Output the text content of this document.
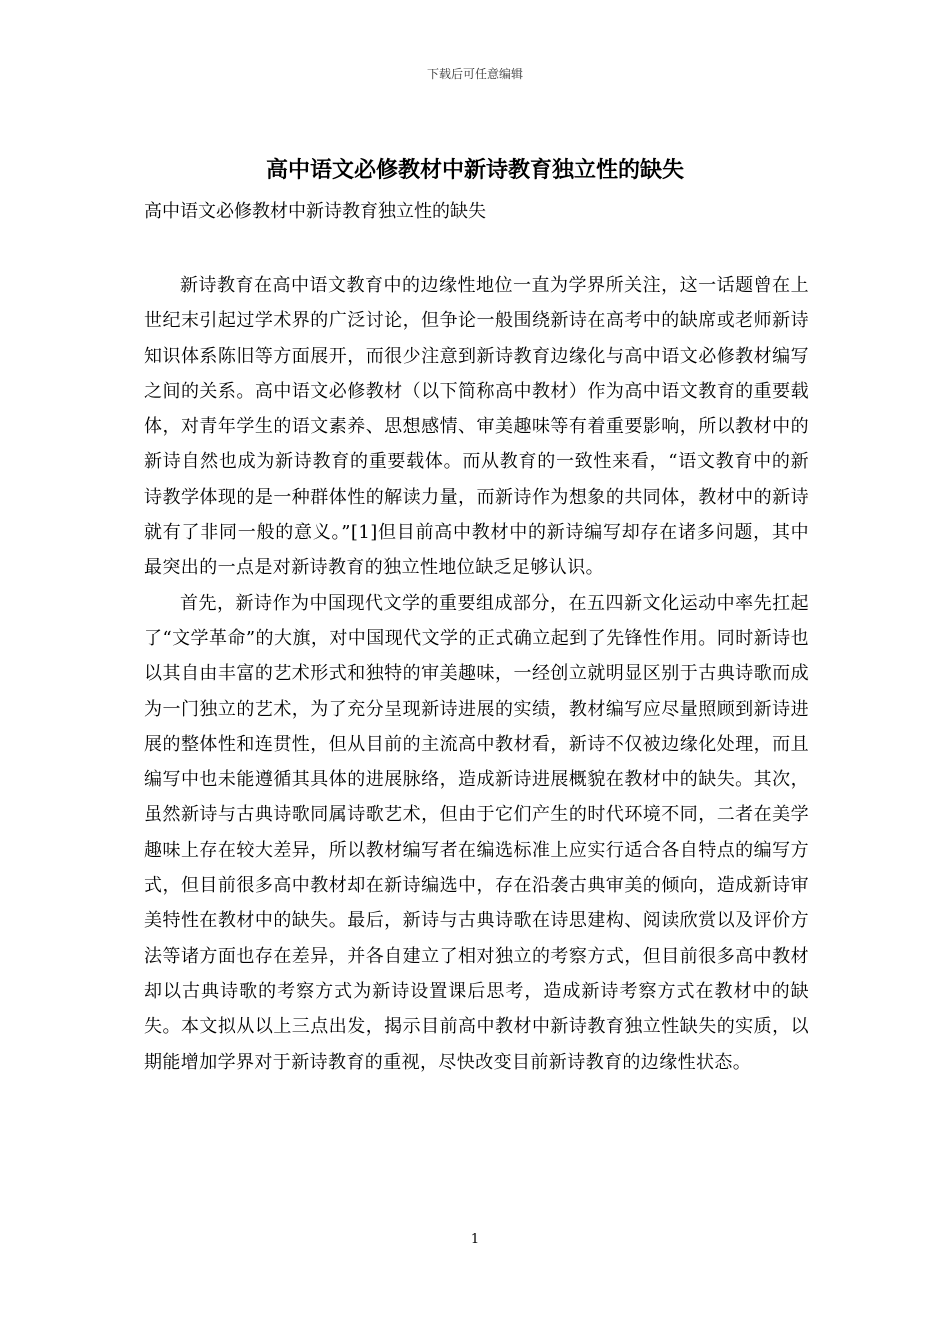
下载后可任意编辑
高中语文必修教材中新诗教育独立性的缺失

高中语文必修教材中新诗教育独立性的缺失

新诗教育在高中语文教育中的边缘性地位一直为学界所关注，这一话题曾在上世纪末引起过学术界的广泛讨论，但争论一般围绕新诗在高考中的缺席或老师新诗知识体系陈旧等方面展开，而很少注意到新诗教育边缘化与高中语文必修教材编写之间的关系。高中语文必修教材（以下简称高中教材）作为高中语文教育的重要载体，对青年学生的语文素养、思想感情、审美趣味等有着重要影响，所以教材中的新诗自然也成为新诗教育的重要载体。而从教育的一致性来看，“语文教育中的新诗教学体现的是一种群体性的解读力量，而新诗作为想象的共同体，教材中的新诗就有了非同一般的意义。”[1]但目前高中教材中的新诗编写却存在诸多问题，其中最突出的一点是对新诗教育的独立性地位缺乏足够认识。

首先，新诗作为中国现代文学的重要组成部分，在五四新文化运动中率先扛起了“文学革命”的大旗，对中国现代文学的正式确立起到了先锋性作用。同时新诗也以其自由丰富的艺术形式和独特的审美趣味，一经创立就明显区别于古典诗歌而成为一门独立的艺术，为了充分呈现新诗进展的实绩，教材编写应尽量照顾到新诗进展的整体性和连贯性，但从目前的主流高中教材看，新诗不仅被边缘化处理，而且编写中也未能遵循其具体的进展脉络，造成新诗进展概貌在教材中的缺失。其次，虽然新诗与古典诗歌同属诗歌艺术，但由于它们产生的时代环境不同，二者在美学趣味上存在较大差异，所以教材编写者在编选标准上应实行适合各自特点的编写方式，但目前很多高中教材却在新诗编选中，存在沿袭古典审美的倾向，造成新诗审美特性在教材中的缺失。最后，新诗与古典诗歌在诗思建构、阅读欣赏以及评价方法等诸方面也存在差异，并各自建立了相对独立的考察方式，但目前很多高中教材却以古典诗歌的考察方式为新诗设置课后思考，造成新诗考察方式在教材中的缺失。本文拟从以上三点出发，揭示目前高中教材中新诗教育独立性缺失的实质，以期能增加学界对于新诗教育的重视，尽快改变目前新诗教育的边缘性状态。

1
